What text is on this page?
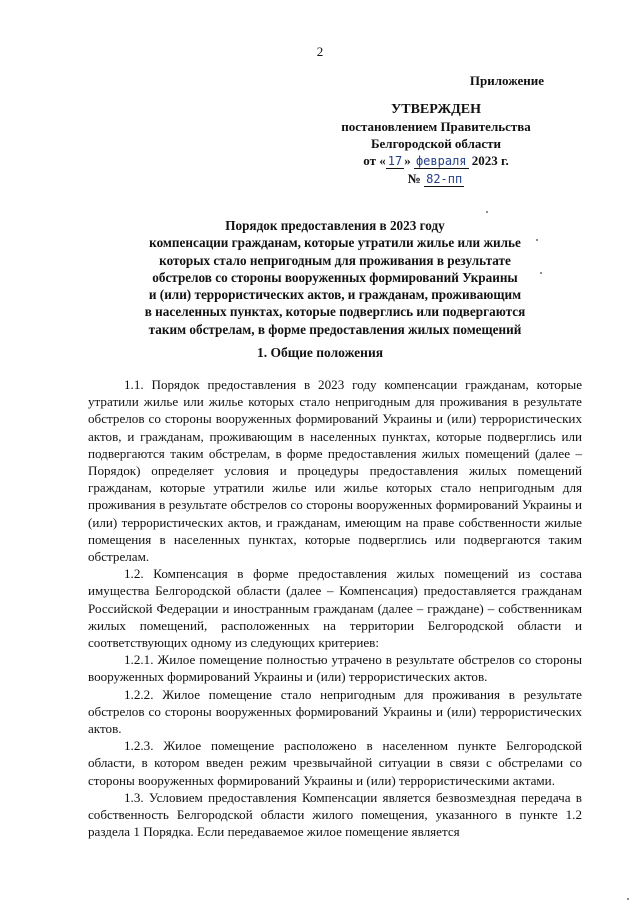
2
Приложение
УТВЕРЖДЕН
постановлением Правительства
Белгородской области
от « 17 » февраля 2023 г.
№ 82-пп
Порядок предоставления в 2023 году
компенсации гражданам, которые утратили жилье или жилье
которых стало непригодным для проживания в результате
обстрелов со стороны вооруженных формирований Украины
и (или) террористических актов, и гражданам, проживающим
в населенных пунктах, которые подверглись или подвергаются
таким обстрелам, в форме предоставления жилых помещений
1. Общие положения

1.1. Порядок предоставления в 2023 году компенсации гражданам, которые утратили жилье или жилье которых стало непригодным для проживания в результате обстрелов со стороны вооруженных формирований Украины и (или) террористических актов, и гражданам, проживающим в населенных пунктах, которые подверглись или подвергаются таким обстрелам, в форме предоставления жилых помещений (далее – Порядок) определяет условия и процедуры предоставления жилых помещений гражданам, которые утратили жилье или жилье которых стало непригодным для проживания в результате обстрелов со стороны вооруженных формирований Украины и (или) террористических актов, и гражданам, имеющим на праве собственности жилые помещения в населенных пунктах, которые подверглись или подвергаются таким обстрелам.

1.2. Компенсация в форме предоставления жилых помещений из состава имущества Белгородской области (далее – Компенсация) предоставляется гражданам Российской Федерации и иностранным гражданам (далее – граждане) – собственникам жилых помещений, расположенных на территории Белгородской области и соответствующих одному из следующих критериев:

1.2.1. Жилое помещение полностью утрачено в результате обстрелов со стороны вооруженных формирований Украины и (или) террористических актов.

1.2.2. Жилое помещение стало непригодным для проживания в результате обстрелов со стороны вооруженных формирований Украины и (или) террористических актов.

1.2.3. Жилое помещение расположено в населенном пункте Белгородской области, в котором введен режим чрезвычайной ситуации в связи с обстрелами со стороны вооруженных формирований Украины и (или) террористическими актами.

1.3. Условием предоставления Компенсации является безвозмездная передача в собственность Белгородской области жилого помещения, указанного в пункте 1.2 раздела 1 Порядка. Если передаваемое жилое помещение является
